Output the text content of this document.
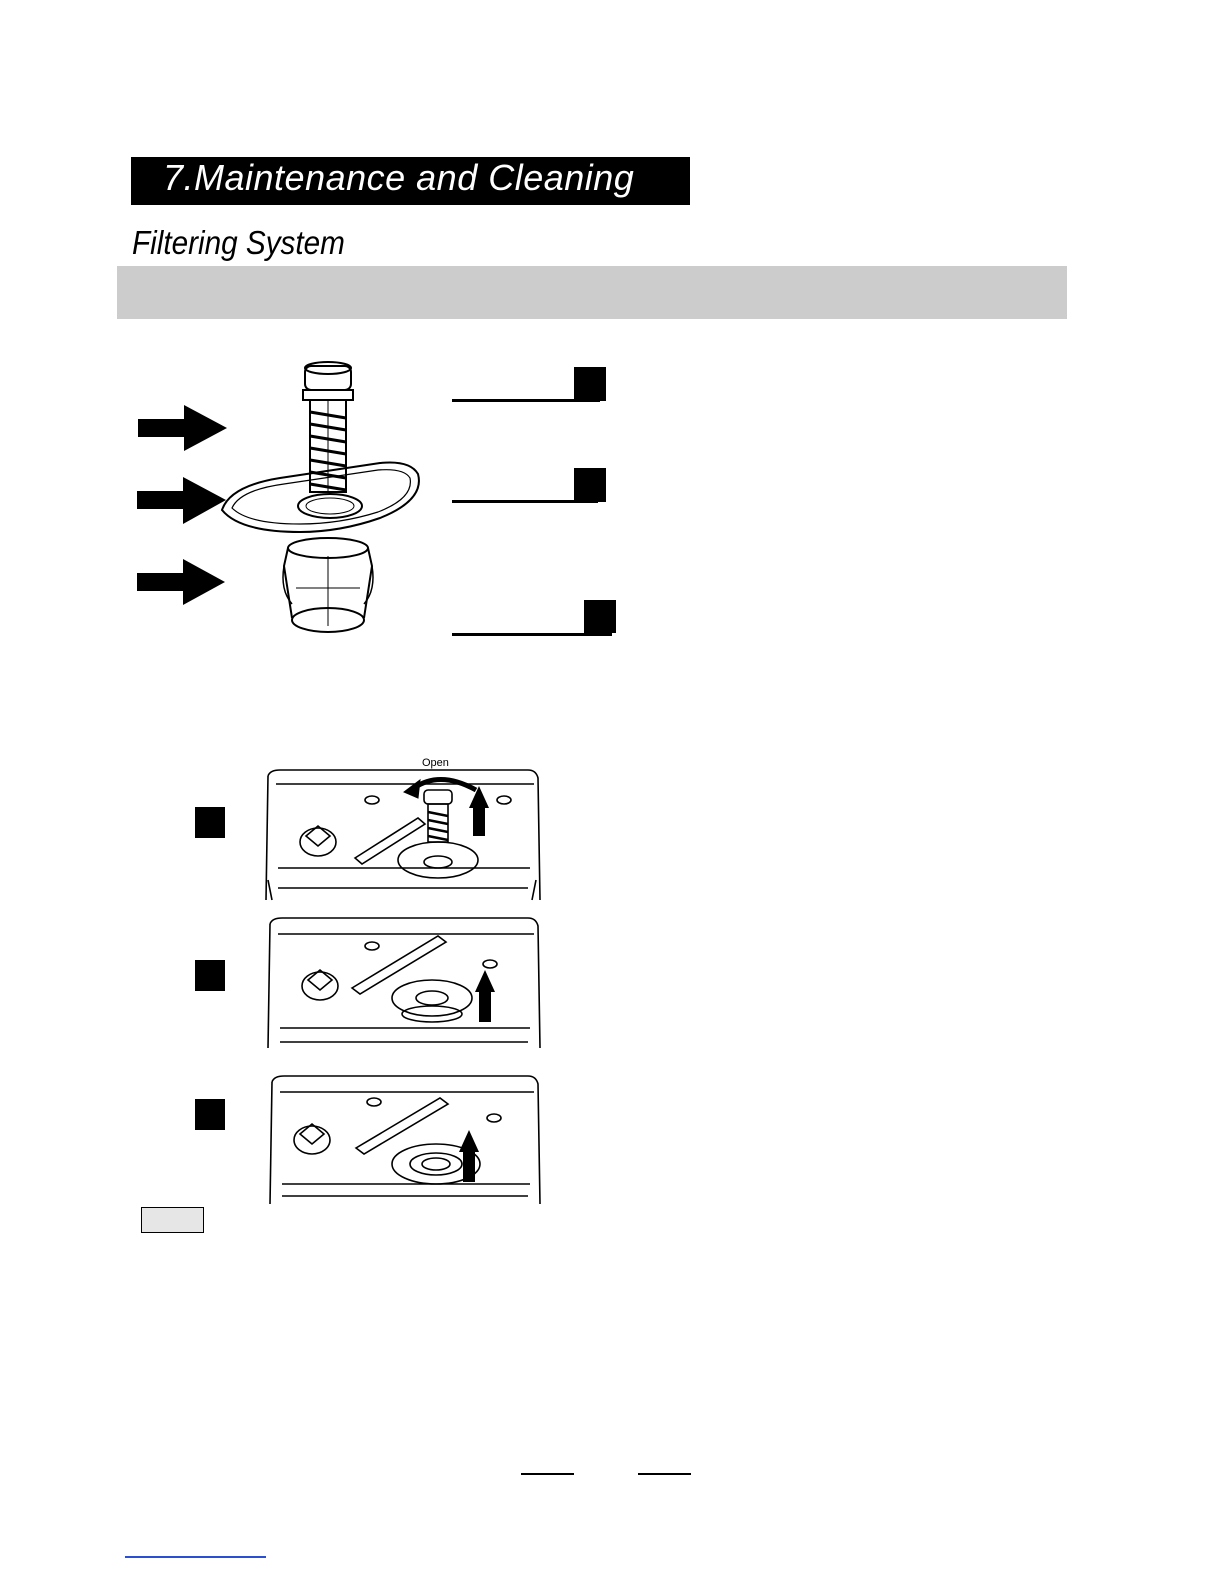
7.Maintenance and Cleaning
Filtering System
Open
